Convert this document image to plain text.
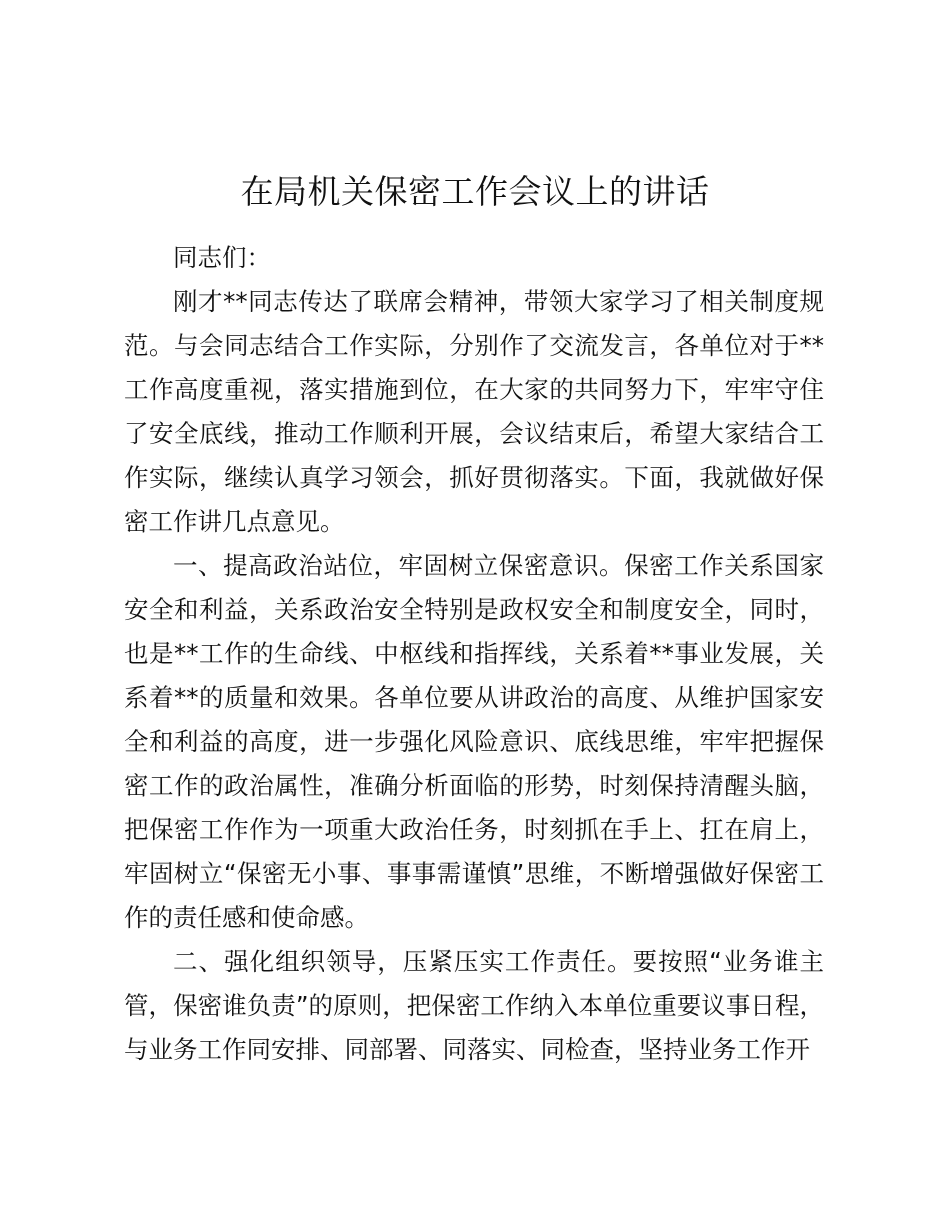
在局机关保密工作会议上的讲话

同志们：

刚才**同志传达了联席会精神，带领大家学习了相关制度规范。与会同志结合工作实际，分别作了交流发言，各单位对于**工作高度重视，落实措施到位，在大家的共同努力下，牢牢守住了安全底线，推动工作顺利开展，会议结束后，希望大家结合工作实际，继续认真学习领会，抓好贯彻落实。下面，我就做好保密工作讲几点意见。

一、提高政治站位，牢固树立保密意识。保密工作关系国家安全和利益，关系政治安全特别是政权安全和制度安全，同时，也是**工作的生命线、中枢线和指挥线，关系着**事业发展，关系着**的质量和效果。各单位要从讲政治的高度、从维护国家安全和利益的高度，进一步强化风险意识、底线思维，牢牢把握保密工作的政治属性，准确分析面临的形势，时刻保持清醒头脑，把保密工作作为一项重大政治任务，时刻抓在手上、扛在肩上，牢固树立“保密无小事、事事需谨慎”思维，不断增强做好保密工作的责任感和使命感。

二、强化组织领导，压紧压实工作责任。要按照“业务谁主管，保密谁负责”的原则，把保密工作纳入本单位重要议事日程，与业务工作同安排、同部署、同落实、同检查，坚持业务工作开
